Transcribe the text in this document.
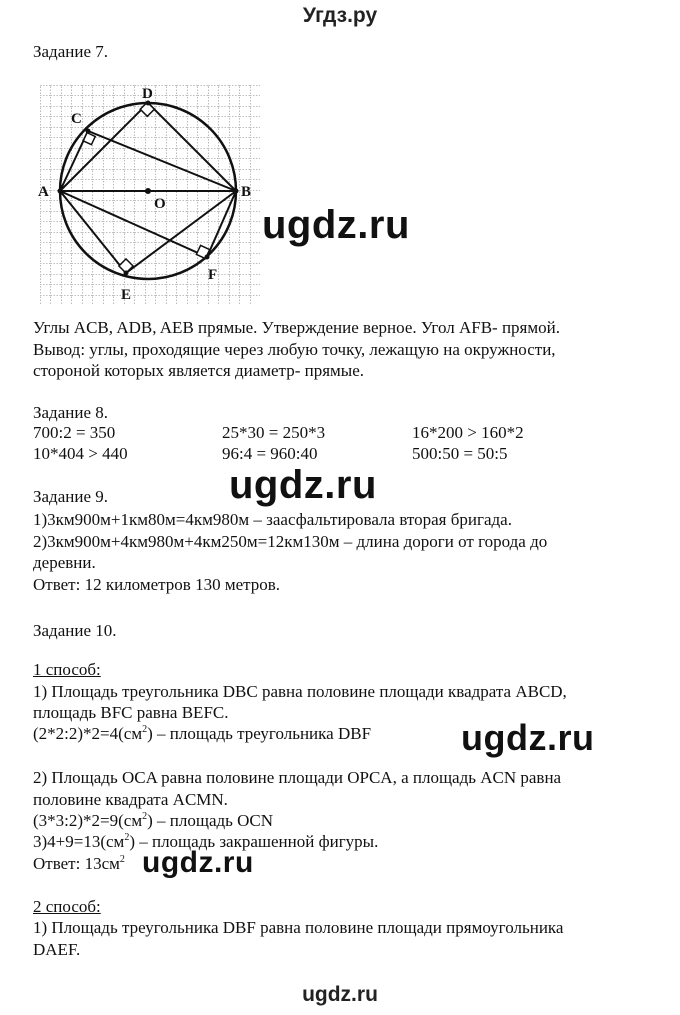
Угдз.ру
Задание 7.
D
C
A
O
B
E
F
ugdz.ru
Углы ACB, ADB, AEB прямые. Утверждение верное. Угол AFB- прямой.
Вывод: углы, проходящие через любую точку, лежащую на окружности,
стороной которых является диаметр- прямые.
Задание 8.
700:2 = 350	25*30 = 250*3	16*200 > 160*2
10*404 > 440	96:4 = 960:40	500:50 = 50:5
ugdz.ru
Задание 9.
1)3км900м+1км80м=4км980м – заасфальтировала вторая бригада.
2)3км900м+4км980м+4км250м=12км130м – длина дороги от города до
деревни.
Ответ: 12 километров 130 метров.
Задание 10.
1 способ:
1) Площадь треугольника DBC равна половине площади квадрата ABCD,
площадь BFC равна BEFC.
$(2*2:2)*2=4(см^2)$ – площадь треугольника DBF ugdz.ru
2) Площадь OCA равна половине площади OPCA, а площадь ACN равна
половине квадрата ACMN.
$(3*3:2)*2=9(см^2)$ – площадь OCN
$3)4+9=13(см^2)$ – площадь закрашенной фигуры.
Ответ: $13см^2$ ugdz.ru
2 способ:
1) Площадь треугольника DBF равна половине площади прямоугольника
DAEF.
ugdz.ru
